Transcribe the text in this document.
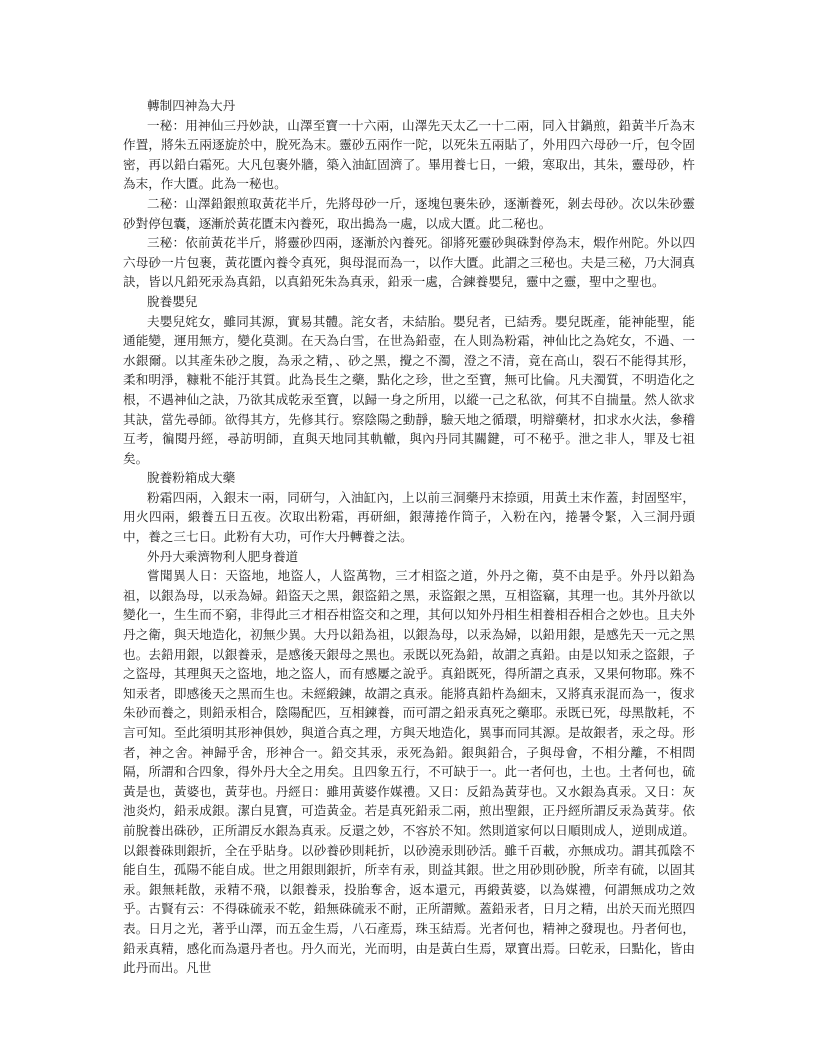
轉制四神為大丹

一秘：用神仙三丹妙訣，山澤至寶一十六兩，山澤先天太乙一十二兩，同入甘鍋煎，鉛黃半斤為末作置，將朱五兩逐旋於中，脫死為末。靈砂五兩作一陀，以死朱五兩貼了，外用四六母砂一斤，包令固密，再以鉛白霜死。大凡包裹外牆，築入油缸固濟了。畢用養七日，一緞，寒取出，其朱，靈母砂，杵為末，作大匱。此為一秘也。

二秘：山澤鉛銀煎取黃花半斤，先將母砂一斤，逐塊包裹朱砂，逐漸養死，剝去母砂。次以朱砂靈砂對停包囊，逐漸於黃花匱末內養死，取出搗為一處，以成大匱。此二秘也。

三秘：依前黃花半斤，將靈砂四兩，逐漸於內養死。卻將死靈砂與硃對停為末，煆作州陀。外以四六母砂一片包裹，黃花匱內養令真死，與母混而為一，以作大匱。此謂之三秘也。夫是三秘，乃大洞真訣，皆以凡鉛死汞為真鉛，以真鉛死朱為真汞，鉛汞一處，合鍊養嬰兒，靈中之靈，聖中之聖也。

脫養嬰兒

夫嬰兒姹女，雖同其源，實易其體。詫女者，未結胎。嬰兒者，已結秀。嬰兒既產，能神能聖，能通能變，運用無方，變化莫測。在天為白雪，在世為鉛壺，在人則為粉霜，神仙比之為姹女，不過、一水銀爾。以其產朱砂之腹，為汞之精，、砂之黑，攪之不濁，澄之不清，竟在高山，裂石不能得其形，柔和明淨，糠粃不能汙其質。此為長生之藥，點化之珍，世之至寶，無可比倫。凡夫濁質，不明造化之根，不遇神仙之訣，乃欲其成乾汞至寶，以歸一身之所用，以縱一己之私欲，何其不自揣量。然人欲求其訣，當先尋師。欲得其方，先修其行。察陰陽之動靜，驗天地之循環，明辯藥材，扣求水火法，參稽互考，徧閱丹經，尋訪明師，直與天地同其軌轍，與內丹同其關鍵，可不秘乎。泄之非人，罪及七祖矣。

脫養粉箱成大藥

粉霜四兩，入銀末一兩，同研勻，入油缸內，上以前三洞藥丹末捺頭，用黃土末作蓋，封固堅牢，用火四兩，緞養五日五夜。次取出粉霜，再研細，銀薄捲作筒子，入粉在內，捲暑令緊，入三洞丹頭中，養之三七日。此粉有大功，可作大丹轉養之法。

外丹大乘濟物利人肥身養道

嘗聞異人日：天盜地，地盜人，人盜萬物，三才相盜之道，外丹之衛，莫不由是乎。外丹以鉛為祖，以銀為母，以汞為婦。鉛盜天之黑，銀盜鉛之黑，汞盜銀之黑，互相盜竊，其理一也。其外丹欲以變化一，生生而不窮，非得此三才相吞柑盜交和之理，其何以知外丹相生相養相吞相合之妙也。且夫外丹之衛，與天地造化，初無少異。大丹以鉛為祖，以銀為母，以汞為婦，以鉛用銀，是感先天一元之黑也。去鉛用銀，以銀養汞，是感後天銀母之黑也。汞既以死為鉛，故謂之真鉛。由是以知汞之盜銀，子之盜母，其理與天之盜地，地之盜人，而有感屢之說乎。真鉛既死，得所謂之真汞，又果何物耶。殊不知汞者，即感後天之黑而生也。未經緞鍊，故謂之真汞。能將真鉛杵為細末，又將真汞混而為一，復求朱砂而養之，則鉛汞相合，陰陽配匹，互相鍊養，而可謂之鉛汞真死之藥耶。汞既已死，母黑散耗，不言可知。至此須明其形神俱妙，與道合真之理，方與天地造化，異事而同其源。是故銀者，汞之母。形者，神之舍。神歸乎舍，形神合一。鉛交其汞，汞死為鉛。銀與鉛合，子與母會，不相分離，不相問隔，所謂和合四象，得外丹大全之用矣。且四象五行，不可缺于一。此一者何也，土也。土者何也，硫黃是也，黃婆也，黃芽也。丹經日：雖用黃婆作媒禮。又日：反鉛為黃芽也。又水銀為真汞。又日：灰池炎灼，鉛汞成銀。潔白見寶，可造黃金。若是真死鉛汞二兩，煎出聖銀，正丹經所謂反汞為黃芽。依前脫養出硃砂，正所謂反水銀為真汞。反還之妙，不容於不知。然則道家何以日順則成人，逆則成道。以銀養硃則銀折，全在乎貼身。以砂養砂則耗折，以砂澆汞則砂活。雖千百載，亦無成功。謂其孤陰不能自生，孤陽不能自成。世之用銀則銀折，所幸有汞，則益其銀。世之用砂則砂脫，所幸有硫，以固其汞。銀無耗散，汞精不飛，以銀養汞，投胎奪舍，返本還元，再緞黃婆，以為媒禮，何謂無成功之效乎。古賢有云：不得硃硫汞不乾，鉛無硃硫汞不耐，正所謂歟。蓋鉛汞者，日月之精，出於天而光照四表。日月之光，著乎山澤，而五金生焉，八石產焉，珠玉結焉。光者何也，精神之發現也。丹者何也，鉛汞真精，感化而為還丹者也。丹久而光，光而明，由是黃白生焉，眾寶出焉。曰乾汞，曰點化，皆由此丹而出。凡世
